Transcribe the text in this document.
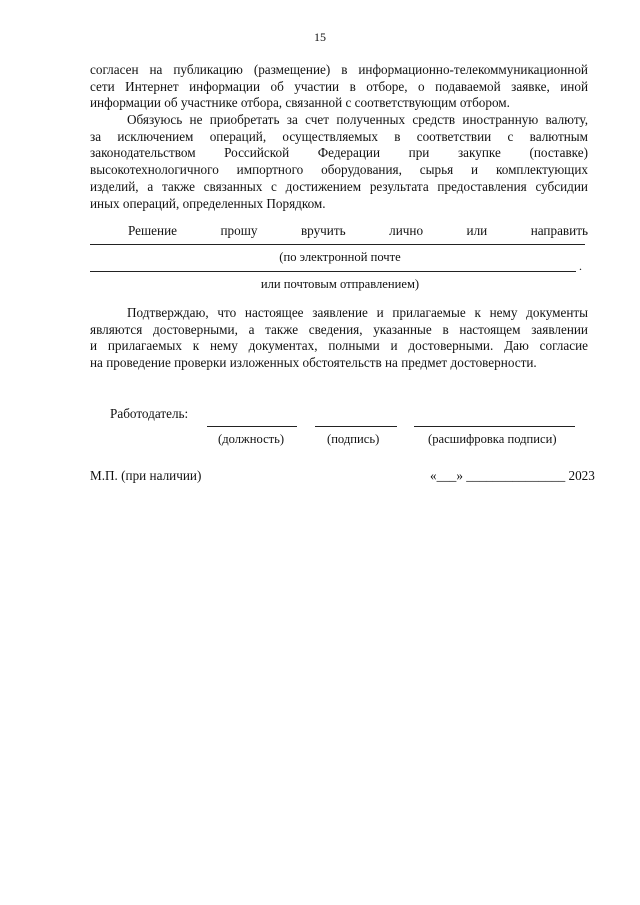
15
согласен на публикацию (размещение) в информационно-телекоммуникационной
сети Интернет информации об участии в отборе, о подаваемой заявке, иной
информации об участнике отбора, связанной с соответствующим отбором.
Обязуюсь не приобретать за счет полученных средств иностранную валюту,
за исключением операций, осуществляемых в соответствии с валютным
законодательством Российской Федерации при закупке (поставке)
высокотехнологичного импортного оборудования, сырья и комплектующих
изделий, а также связанных с достижением результата предоставления субсидии
иных операций, определенных Порядком.
Решение	прошу	вручить	лично	или	направить
(по электронной почте
.
или почтовым отправлением)
Подтверждаю, что настоящее заявление и прилагаемые к нему документы
являются достоверными, а также сведения, указанные в настоящем заявлении
и прилагаемых к нему документах, полными и достоверными. Даю согласие
на проведение проверки изложенных обстоятельств на предмет достоверности.
Работодатель:
(должность)	(подпись)	(расшифровка подписи)
М.П. (при наличии)	«___» _______________ 2023
